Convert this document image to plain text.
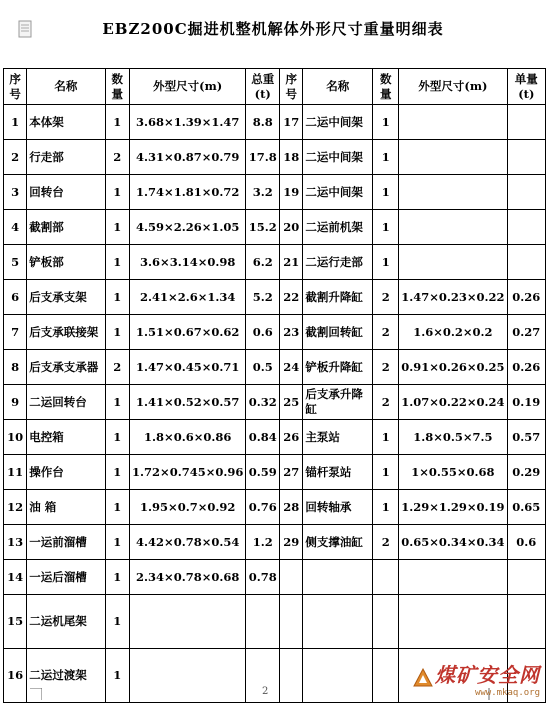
EBZ200C掘进机整机解体外形尺寸重量明细表
序号	名称	数量	外型尺寸(m)	总重(t)	序号	名称	数量	外型尺寸(m)	单量(t)
1	本体架	1	3.68×1.39×1.47	8.8	17	二运中间架	1		
2	行走部	2	4.31×0.87×0.79	17.8	18	二运中间架	1		
3	回转台	1	1.74×1.81×0.72	3.2	19	二运中间架	1		
4	截割部	1	4.59×2.26×1.05	15.2	20	二运前机架	1		
5	铲板部	1	3.6×3.14×0.98	6.2	21	二运行走部	1		
6	后支承支架	1	2.41×2.6×1.34	5.2	22	截割升降缸	2	1.47×0.23×0.22	0.26
7	后支承联接架	1	1.51×0.67×0.62	0.6	23	截割回转缸	2	1.6×0.2×0.2	0.27
8	后支承支承器	2	1.47×0.45×0.71	0.5	24	铲板升降缸	2	0.91×0.26×0.25	0.26
9	二运回转台	1	1.41×0.52×0.57	0.32	25	后支承升降缸	2	1.07×0.22×0.24	0.19
10	电控箱	1	1.8×0.6×0.86	0.84	26	主泵站	1	1.8×0.5×7.5	0.57
11	操作台	1	1.72×0.745×0.96	0.59	27	锚杆泵站	1	1×0.55×0.68	0.29
12	油 箱	1	1.95×0.7×0.92	0.76	28	回转轴承	1	1.29×1.29×0.19	0.65
13	一运前溜槽	1	4.42×0.78×0.54	1.2	29	侧支撑油缸	2	0.65×0.34×0.34	0.6
14	一运后溜槽	1	2.34×0.78×0.68	0.78					
15	二运机尾架	1							
16	二运过渡架	1							
2
煤矿安全网
www.mkaq.org
